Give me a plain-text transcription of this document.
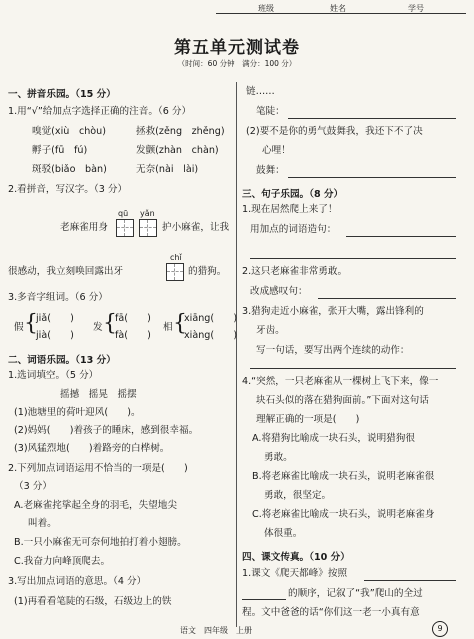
班级	姓名	学号
第五单元测试卷
（时间：60 分钟　满分：100 分）
一、拼音乐园。（15 分）
1.用“√”给加点字选择正确的注音。（6 分）
嗅觉(xiù　chòu)	拯救(zěng　zhěng)
孵子(fū　fú)	发颤(zhàn　chàn)
斑驳(biǎo　bàn)	无奈(nài　lài)
2.看拼音，写汉字。（3 分）
qū yǎn
老麻雀用身	护小麻雀，让我
chǐ
很感动，我立刻唤回露出牙	的猎狗。
3.多音字组词。（6 分）
假 {
jiǎ(　　)
jià(　　)
发 {
fā(　　)
fà(　　)
相 {
xiāng(　　)
xiàng(　　)
二、词语乐园。（13 分）
1.选词填空。（5 分）
摇撼　摇晃　摇摆
(1)池塘里的荷叶迎风(　　)。
(2)妈妈(　　)着孩子的睡床，感到很幸福。
(3)风猛烈地(　　)着路旁的白桦树。
2.下列加点词语运用不恰当的一项是(　　)
（3 分）
A.老麻雀挓挲起全身的羽毛，失望地尖
叫着。
B.一只小麻雀无可奈何地拍打着小翅膀。
C.我奋力向峰顶爬去。
3.写出加点词语的意思。（4 分）
(1)再看看笔陡的石级，石级边上的铁
链……
笔陡：
(2)要不是你的勇气鼓舞我，我还下不了决
心哩！
鼓舞：
三、句子乐园。（8 分）
1.现在居然爬上来了！
用加点的词语造句：
2.这只老麻雀非常勇敢。
改成感叹句：
3.猎狗走近小麻雀，张开大嘴，露出锋利的
牙齿。
写一句话，要写出两个连续的动作：
4.“突然，一只老麻雀从一棵树上飞下来，像一
块石头似的落在猎狗面前。”下面对这句话
理解正确的一项是(　　)
A.将猎狗比喻成一块石头，说明猎狗很
勇敢。
B.将老麻雀比喻成一块石头，说明老麻雀很
勇敢，很坚定。
C.将老麻雀比喻成一块石头，说明老麻雀身
体很重。
四、课文传真。（10 分）
1.课文《爬天都峰》按照
的顺序，记叙了“我”爬山的全过
程。文中爸爸的话“你们这一老一小真有意
语文　四年级　上册	9
